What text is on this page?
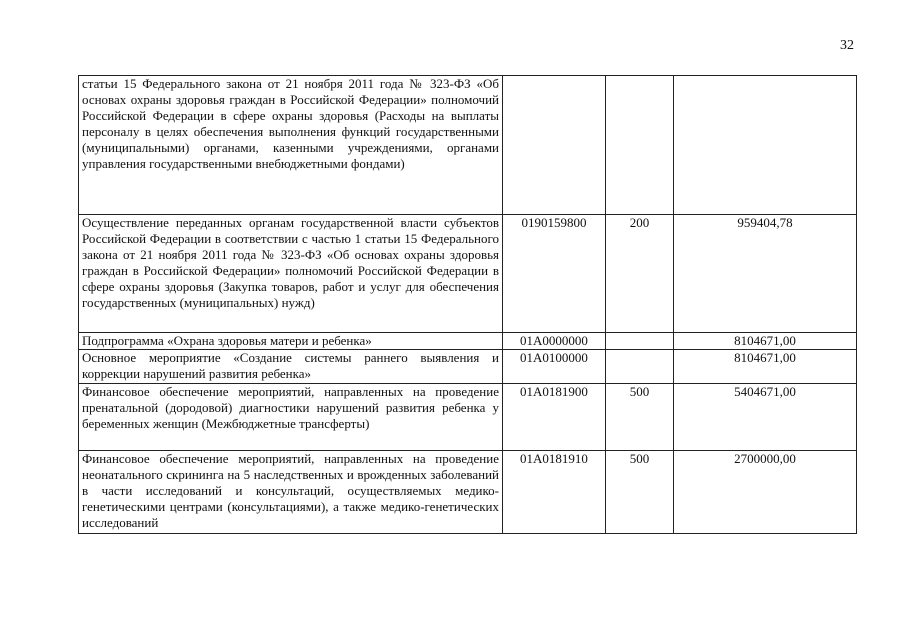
32
статьи 15 Федерального закона от 21 ноября 2011 года № 323-ФЗ «Об основах охраны здоровья граждан в Российской Федерации» полномочий Российской Федерации в сфере охраны здоровья (Расходы на выплаты персоналу в целях обеспечения выполнения функций государственными (муниципальными) органами, казенными учреждениями, органами управления государственными внебюджетными фондами)			
Осуществление переданных органам государственной власти субъектов Российской Федерации в соответствии с частью 1 статьи 15 Федерального закона от 21 ноября 2011 года № 323-ФЗ «Об основах охраны здоровья граждан в Российской Федерации» полномочий Российской Федерации в сфере охраны здоровья (Закупка товаров, работ и услуг для обеспечения государственных (муниципальных) нужд)	0190159800	200	959404,78
Подпрограмма «Охрана здоровья матери и ребенка»	01А0000000		8104671,00
Основное мероприятие «Создание системы раннего выявления и коррекции нарушений развития ребенка»	01А0100000		8104671,00
Финансовое обеспечение мероприятий, направленных на проведение пренатальной (дородовой) диагностики нарушений развития ребенка у беременных женщин (Межбюджетные трансферты)	01А0181900	500	5404671,00
Финансовое обеспечение мероприятий, направленных на проведение неонатального скрининга на 5 наследственных и врожденных заболеваний в части исследований и консультаций, осуществляемых медико-генетическими центрами (консультациями), а также медико-генетических исследований	01А0181910	500	2700000,00
